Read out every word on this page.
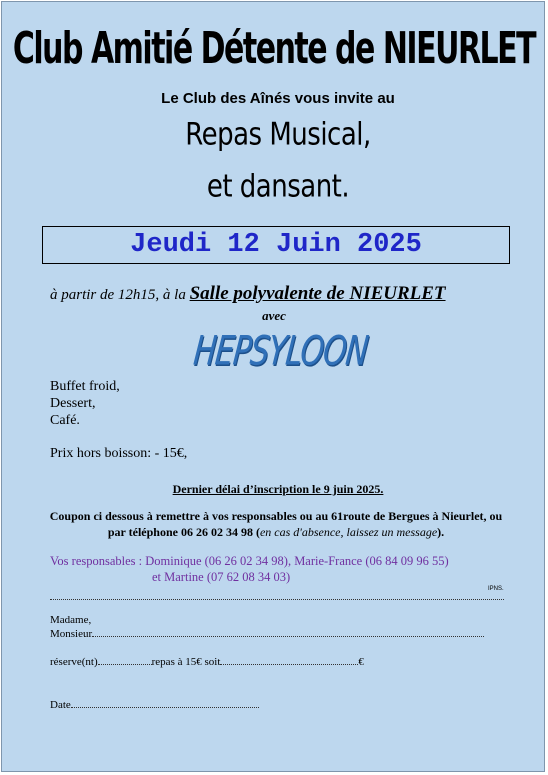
Club Amitié Détente de NIEURLET
Le Club des Aînés vous invite au
Repas Musical,
et dansant.
Jeudi 12 Juin 2025
à partir de 12h15, à la Salle polyvalente de NIEURLET
avec
HEPSYLOON
Buffet froid,
Dessert,
Café.
Prix hors boisson: - 15€,
Dernier délai d’inscription le 9 juin 2025.
Coupon ci dessous à remettre à vos responsables ou au 61route de Bergues à Nieurlet, ou par téléphone 06 26 02 34 98 (en cas d'absence, laissez un message).
Vos responsables : Dominique (06 26 02 34 98), Marie-France (06 84 09 96 55)
et Martine (07 62 08 34 03)
IPNS.
Madame,
Monsieur
réserve(nt)	repas à 15€ soit	€
Date
